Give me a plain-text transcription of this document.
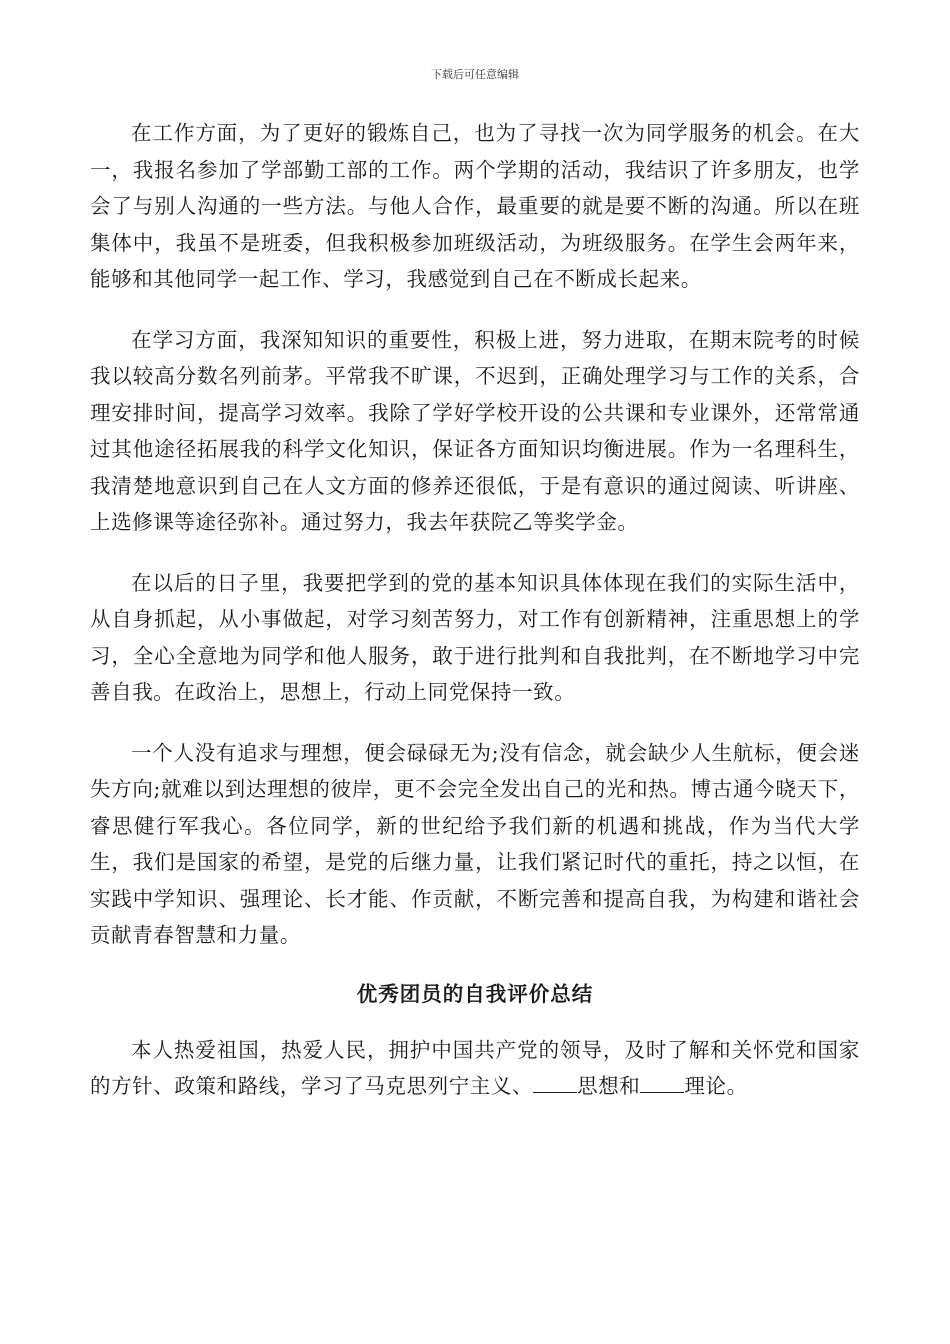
下载后可任意编辑

在工作方面，为了更好的锻炼自己，也为了寻找一次为同学服务的机会。在大一，我报名参加了学部勤工部的工作。两个学期的活动，我结识了许多朋友，也学会了与别人沟通的一些方法。与他人合作，最重要的就是要不断的沟通。所以在班集体中，我虽不是班委，但我积极参加班级活动，为班级服务。在学生会两年来，能够和其他同学一起工作、学习，我感觉到自己在不断成长起来。

在学习方面，我深知知识的重要性，积极上进，努力进取，在期末院考的时候我以较高分数名列前茅。平常我不旷课，不迟到，正确处理学习与工作的关系，合理安排时间，提高学习效率。我除了学好学校开设的公共课和专业课外，还常常通过其他途径拓展我的科学文化知识，保证各方面知识均衡进展。作为一名理科生，我清楚地意识到自己在人文方面的修养还很低，于是有意识的通过阅读、听讲座、上选修课等途径弥补。通过努力，我去年获院乙等奖学金。

在以后的日子里，我要把学到的党的基本知识具体体现在我们的实际生活中，从自身抓起，从小事做起，对学习刻苦努力，对工作有创新精神，注重思想上的学习，全心全意地为同学和他人服务，敢于进行批判和自我批判，在不断地学习中完善自我。在政治上，思想上，行动上同党保持一致。

一个人没有追求与理想，便会碌碌无为;没有信念，就会缺少人生航标，便会迷失方向;就难以到达理想的彼岸，更不会完全发出自己的光和热。博古通今晓天下，睿思健行军我心。各位同学，新的世纪给予我们新的机遇和挑战，作为当代大学生，我们是国家的希望，是党的后继力量，让我们紧记时代的重托，持之以恒，在实践中学知识、强理论、长才能、作贡献，不断完善和提高自我，为构建和谐社会贡献青春智慧和力量。

优秀团员的自我评价总结

本人热爱祖国，热爱人民，拥护中国共产党的领导，及时了解和关怀党和国家的方针、政策和路线，学习了马克思列宁主义、 思想和 理论。
